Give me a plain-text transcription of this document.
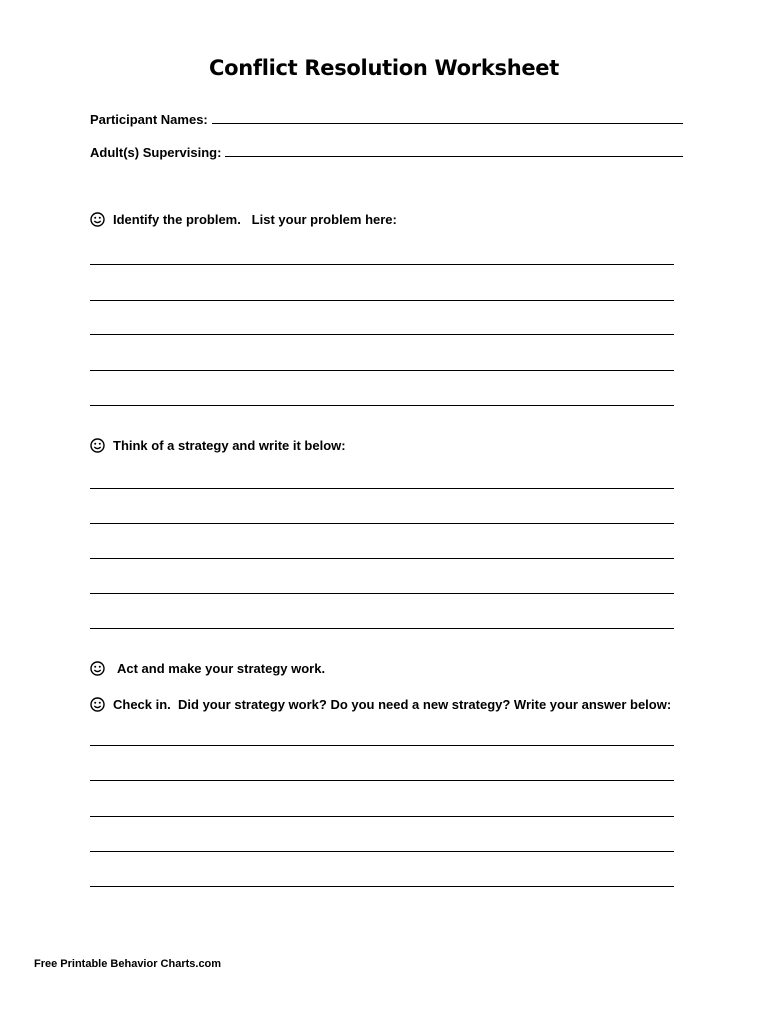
Conflict Resolution Worksheet
Participant Names:
Adult(s) Supervising:
Identify the problem.   List your problem here:
Think of a strategy and write it below:
Act and make your strategy work.
Check in.  Did your strategy work? Do you need a new strategy? Write your answer below:
Free Printable Behavior Charts.com
